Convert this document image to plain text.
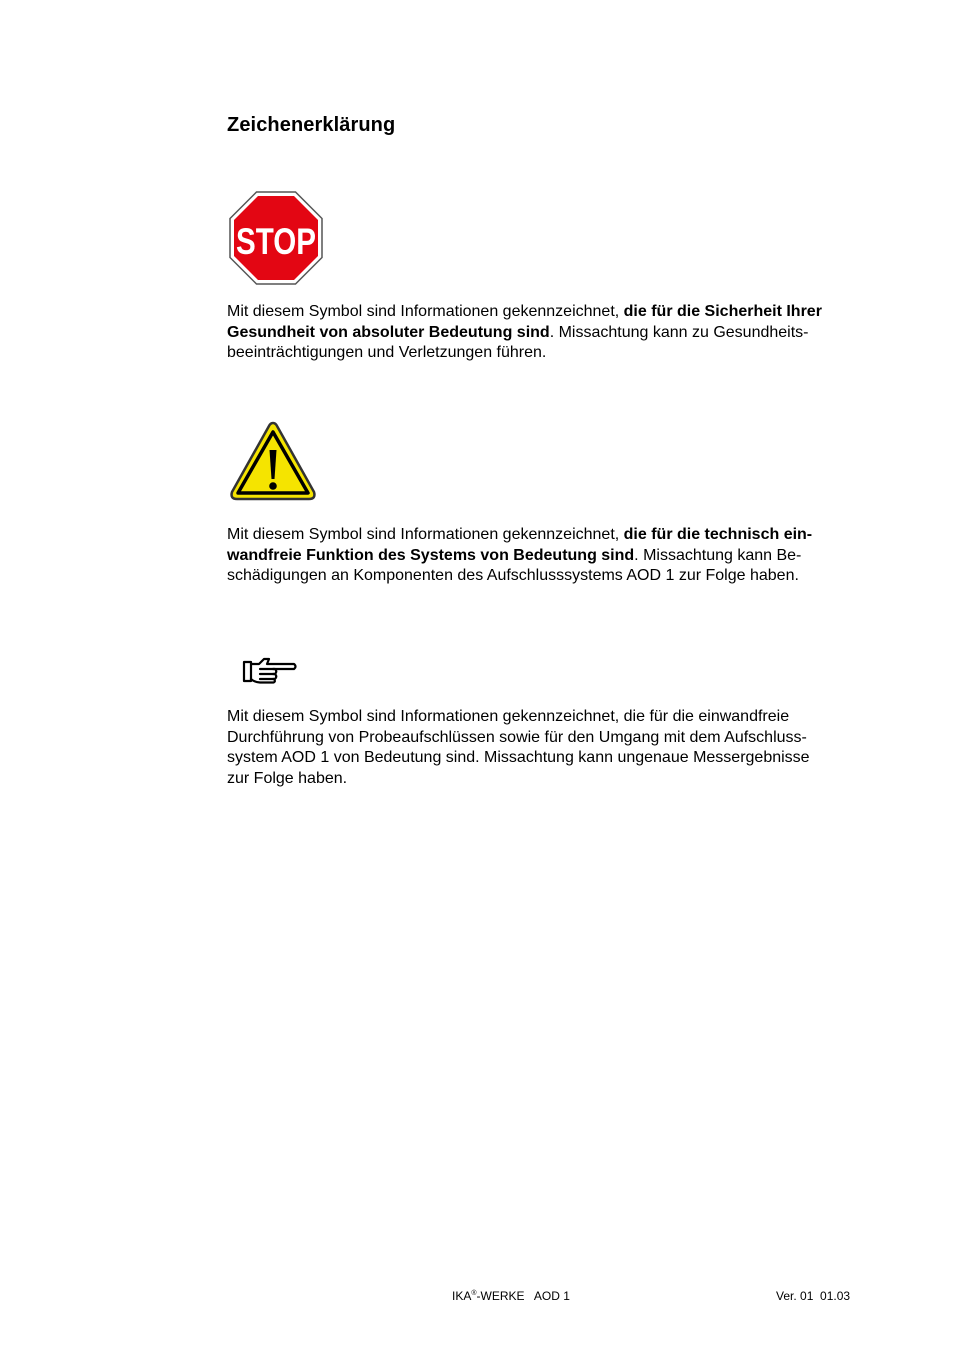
Zeichenerklärung
STOP

Mit diesem Symbol sind Informationen gekennzeichnet, die für die Sicherheit Ihrer
Gesundheit von absoluter Bedeutung sind. Missachtung kann zu Gesundheits-
beeinträchtigungen und Verletzungen führen.

Mit diesem Symbol sind Informationen gekennzeichnet, die für die technisch ein-
wandfreie Funktion des Systems von Bedeutung sind. Missachtung kann Be-
schädigungen an Komponenten des Aufschlusssystems AOD 1 zur Folge haben.

Mit diesem Symbol sind Informationen gekennzeichnet, die für die einwandfreie
Durchführung von Probeaufschlüssen sowie für den Umgang mit dem Aufschluss-
system AOD 1 von Bedeutung sind. Missachtung kann ungenaue Messergebnisse
zur Folge haben.

IKA®-WERKE   AOD 1	Ver. 01  01.03
